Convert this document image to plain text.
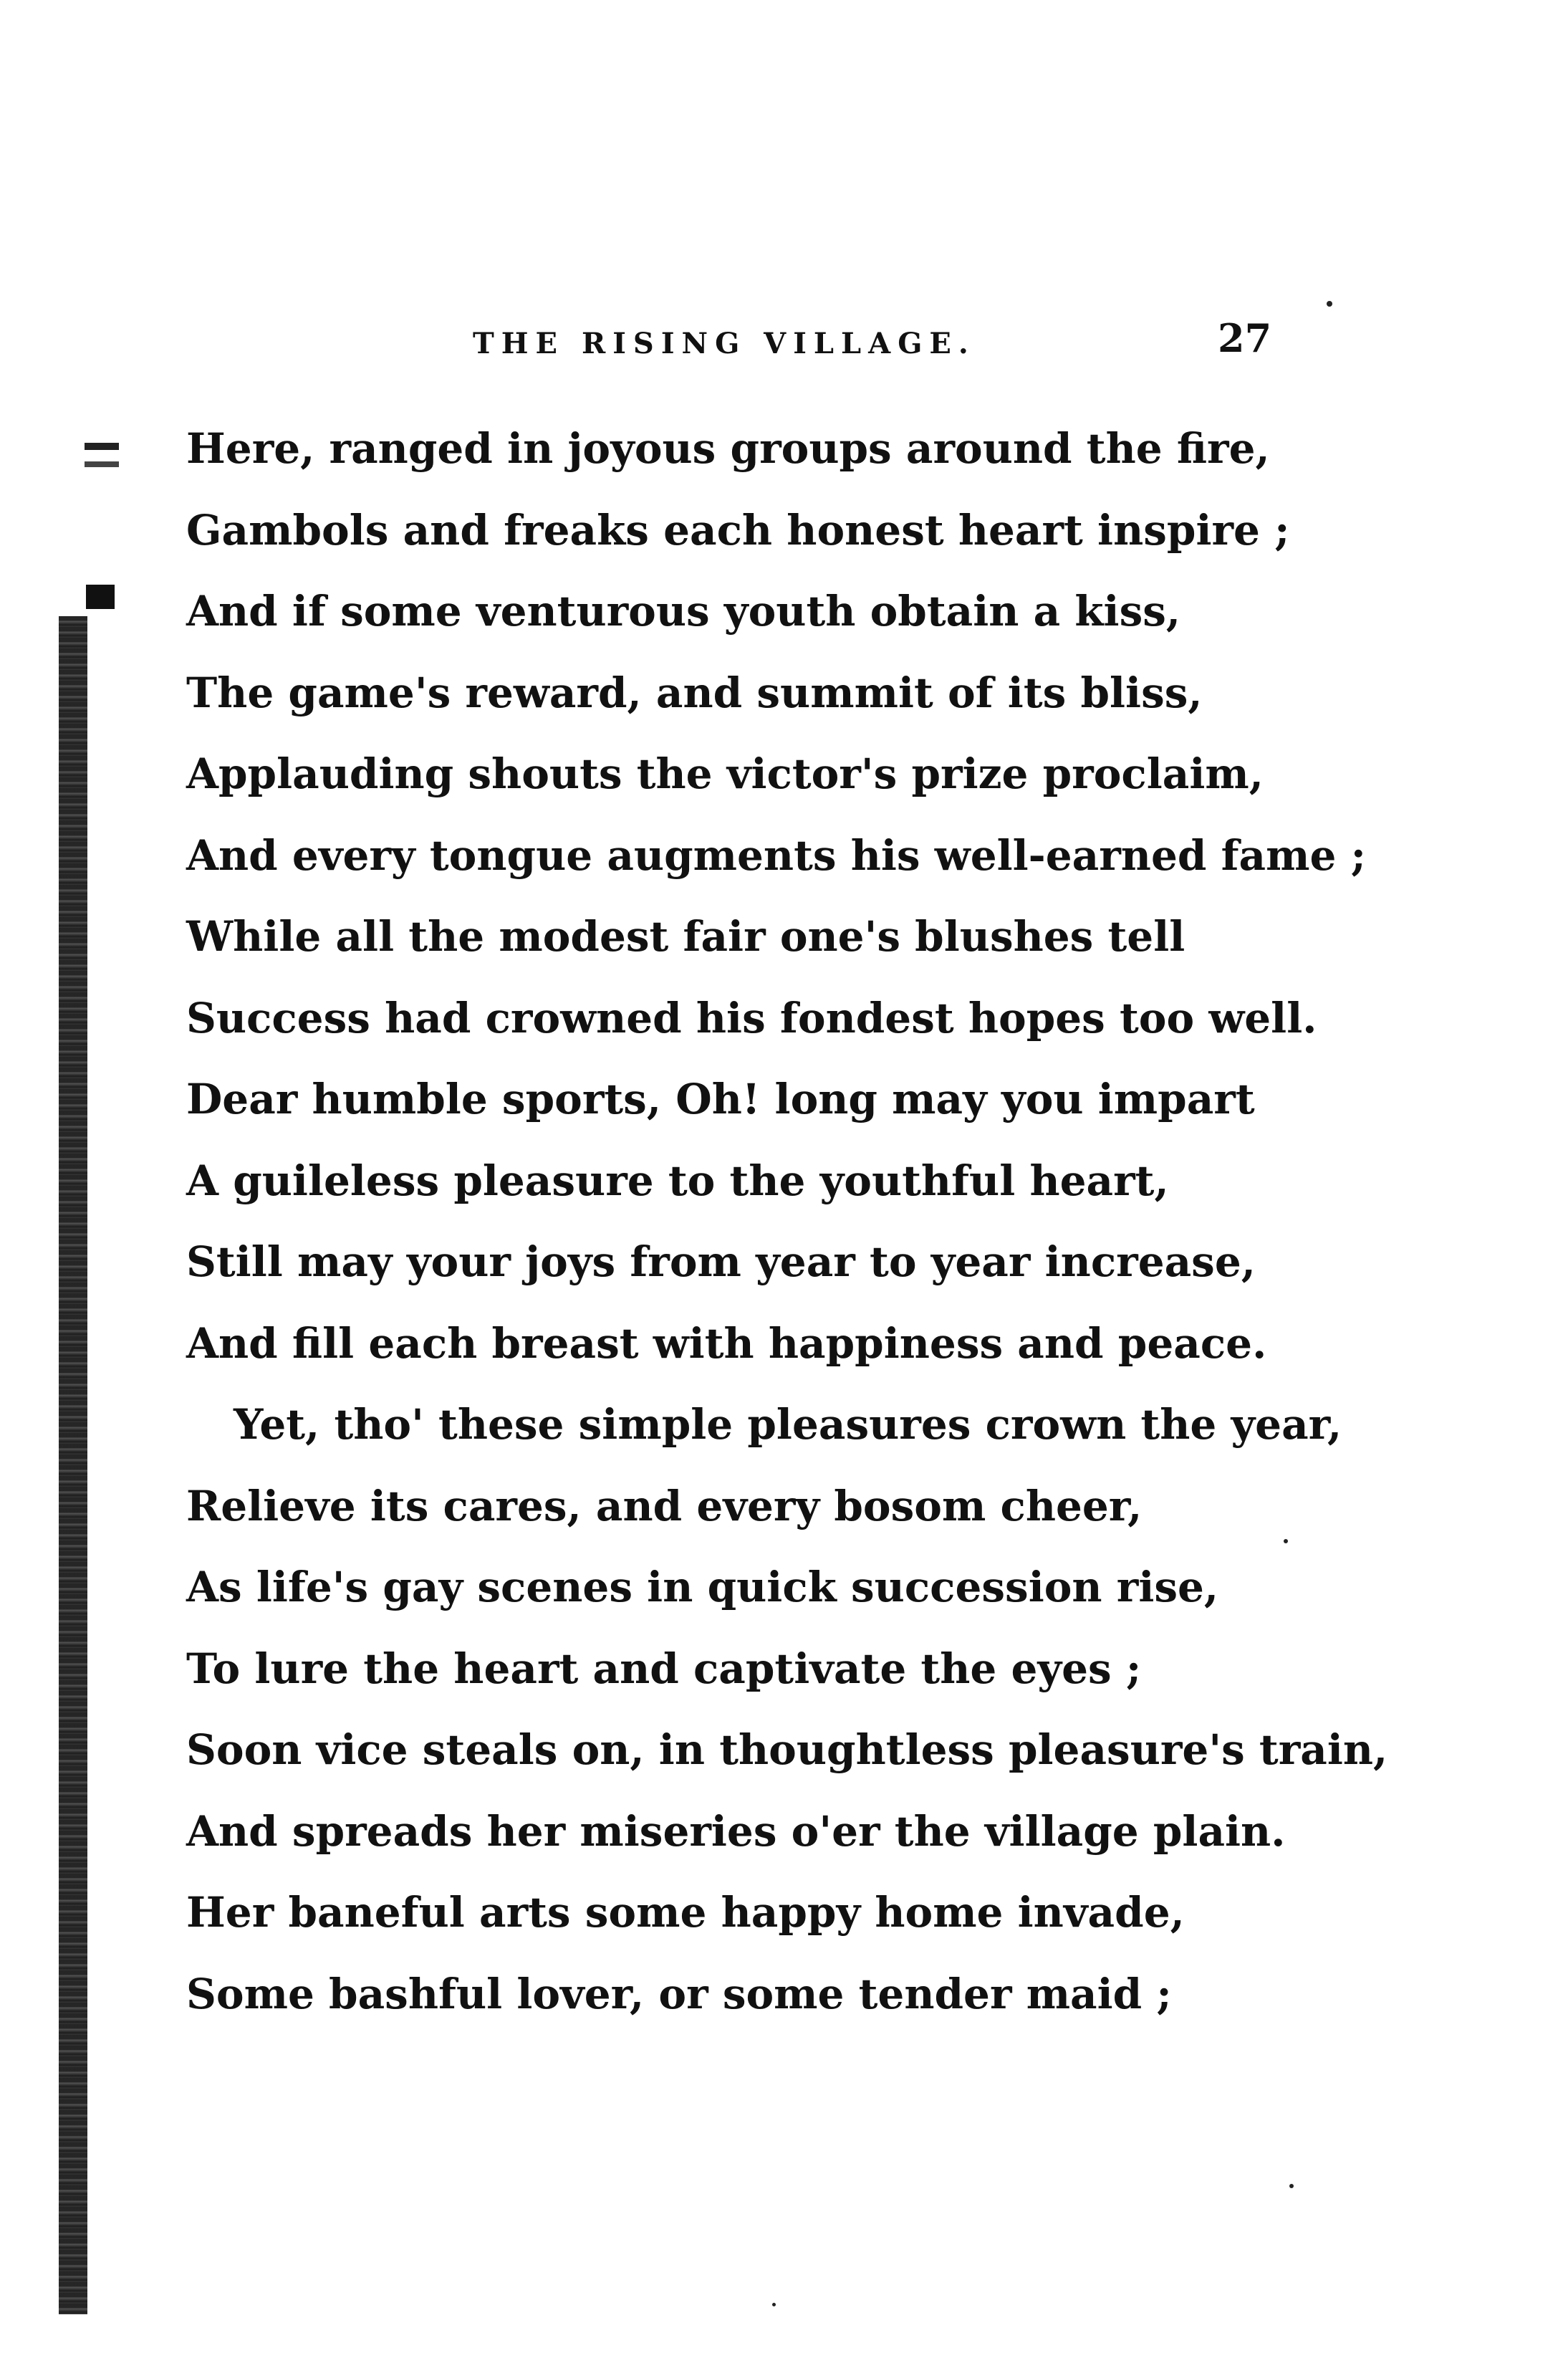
THE RISING VILLAGE.	27
Here, ranged in joyous groups around the fire,
Gambols and freaks each honest heart inspire ;
And if some venturous youth obtain a kiss,
The game's reward, and summit of its bliss,
Applauding shouts the victor's prize proclaim,
And every tongue augments his well-earned fame ;
While all the modest fair one's blushes tell
Success had crowned his fondest hopes too well.
Dear humble sports, Oh! long may you impart
A guileless pleasure to the youthful heart,
Still may your joys from year to year increase,
And fill each breast with happiness and peace.
Yet, tho' these simple pleasures crown the year,
Relieve its cares, and every bosom cheer,
As life's gay scenes in quick succession rise,
To lure the heart and captivate the eyes ;
Soon vice steals on, in thoughtless pleasure's train,
And spreads her miseries o'er the village plain.
Her baneful arts some happy home invade,
Some bashful lover, or some tender maid ;
